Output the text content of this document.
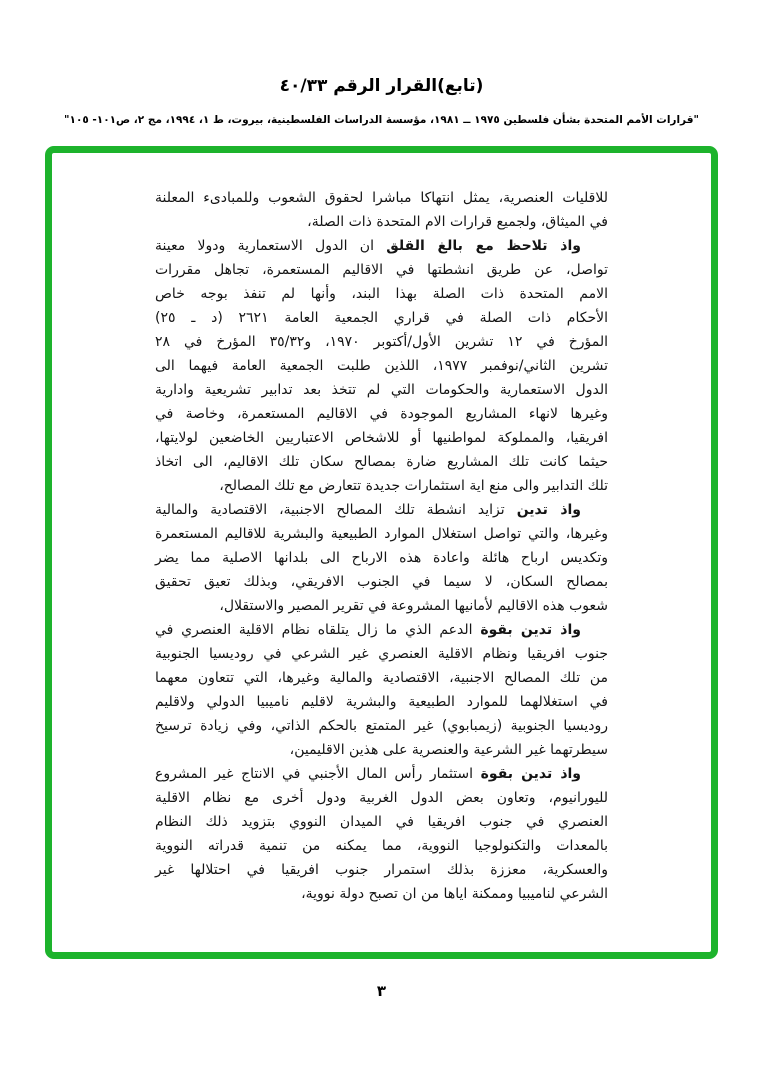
(تابع)القرار الرقم ٤٠/٣٣
"قرارات الأمم المتحدة بشأن فلسطين ١٩٧٥ ــ ١٩٨١، مؤسسة الدراسات الفلسطينية، بيروت، ط ١، ١٩٩٤، مج ٢، ص١٠١- ١٠٥"
للاقليات العنصرية، يمثل انتهاكا مباشرا لحقوق الشعوب وللمبادىء المعلنة
في الميثاق، ولجميع قرارات الام المتحدة ذات الصلة،
واذ تلاحظ مع بالغ القلق ان الدول الاستعمارية ودولا معينة
تواصل، عن طريق انشطتها في الاقاليم المستعمرة، تجاهل مقررات
الامم المتحدة ذات الصلة بهذا البند، وأنها لم تنفذ بوجه خاص
الأحكام ذات الصلة في قراري الجمعية العامة ٢٦٢١ (د ـ ٢٥)
المؤرخ في ١٢ تشرين الأول/أكتوبر ١٩٧٠، و٣٥/٣٢ المؤرخ في ٢٨
تشرين الثاني/نوفمبر ١٩٧٧، اللذين طلبت الجمعية العامة فيهما الى
الدول الاستعمارية والحكومات التي لم تتخذ بعد تدابير تشريعية وادارية
وغيرها لانهاء المشاريع الموجودة في الاقاليم المستعمرة، وخاصة في
افريقيا، والمملوكة لمواطنيها أو للاشخاص الاعتباريين الخاضعين لولايتها،
حيثما كانت تلك المشاريع ضارة بمصالح سكان تلك الاقاليم، الى اتخاذ
تلك التدابير والى منع اية استثمارات جديدة تتعارض مع تلك المصالح،
واذ تدين تزايد انشطة تلك المصالح الاجنبية، الاقتصادية والمالية
وغيرها، والتي تواصل استغلال الموارد الطبيعية والبشرية للاقاليم المستعمرة
وتكديس ارباح هائلة واعادة هذه الارباح الى بلدانها الاصلية مما يضر
بمصالح السكان، لا سيما في الجنوب الافريقي، وبذلك تعيق تحقيق
شعوب هذه الاقاليم لأمانيها المشروعة في تقرير المصير والاستقلال،
واذ تدين بقوة الدعم الذي ما زال يتلقاه نظام الاقلية العنصري في
جنوب افريقيا ونظام الاقلية العنصري غير الشرعي في روديسيا الجنوبية
من تلك المصالح الاجنبية، الاقتصادية والمالية وغيرها، التي تتعاون معهما
في استغلالهما للموارد الطبيعية والبشرية لاقليم ناميبيا الدولي ولاقليم
روديسيا الجنوبية (زيمبابوي) غير المتمتع بالحكم الذاتي، وفي زيادة ترسيخ
سيطرتهما غير الشرعية والعنصرية على هذين الاقليمين،
واذ تدين بقوة استثمار رأس المال الأجنبي في الانتاج غير المشروع
لليورانيوم، وتعاون بعض الدول الغربية ودول أخرى مع نظام الاقلية
العنصري في جنوب افريقيا في الميدان النووي بتزويد ذلك النظام
بالمعدات والتكنولوجيا النووية، مما يمكنه من تنمية قدراته النووية
والعسكرية، معززة بذلك استمرار جنوب افريقيا في احتلالها غير
الشرعي لناميبيا وممكنة اياها من ان تصبح دولة نووية،
٣
